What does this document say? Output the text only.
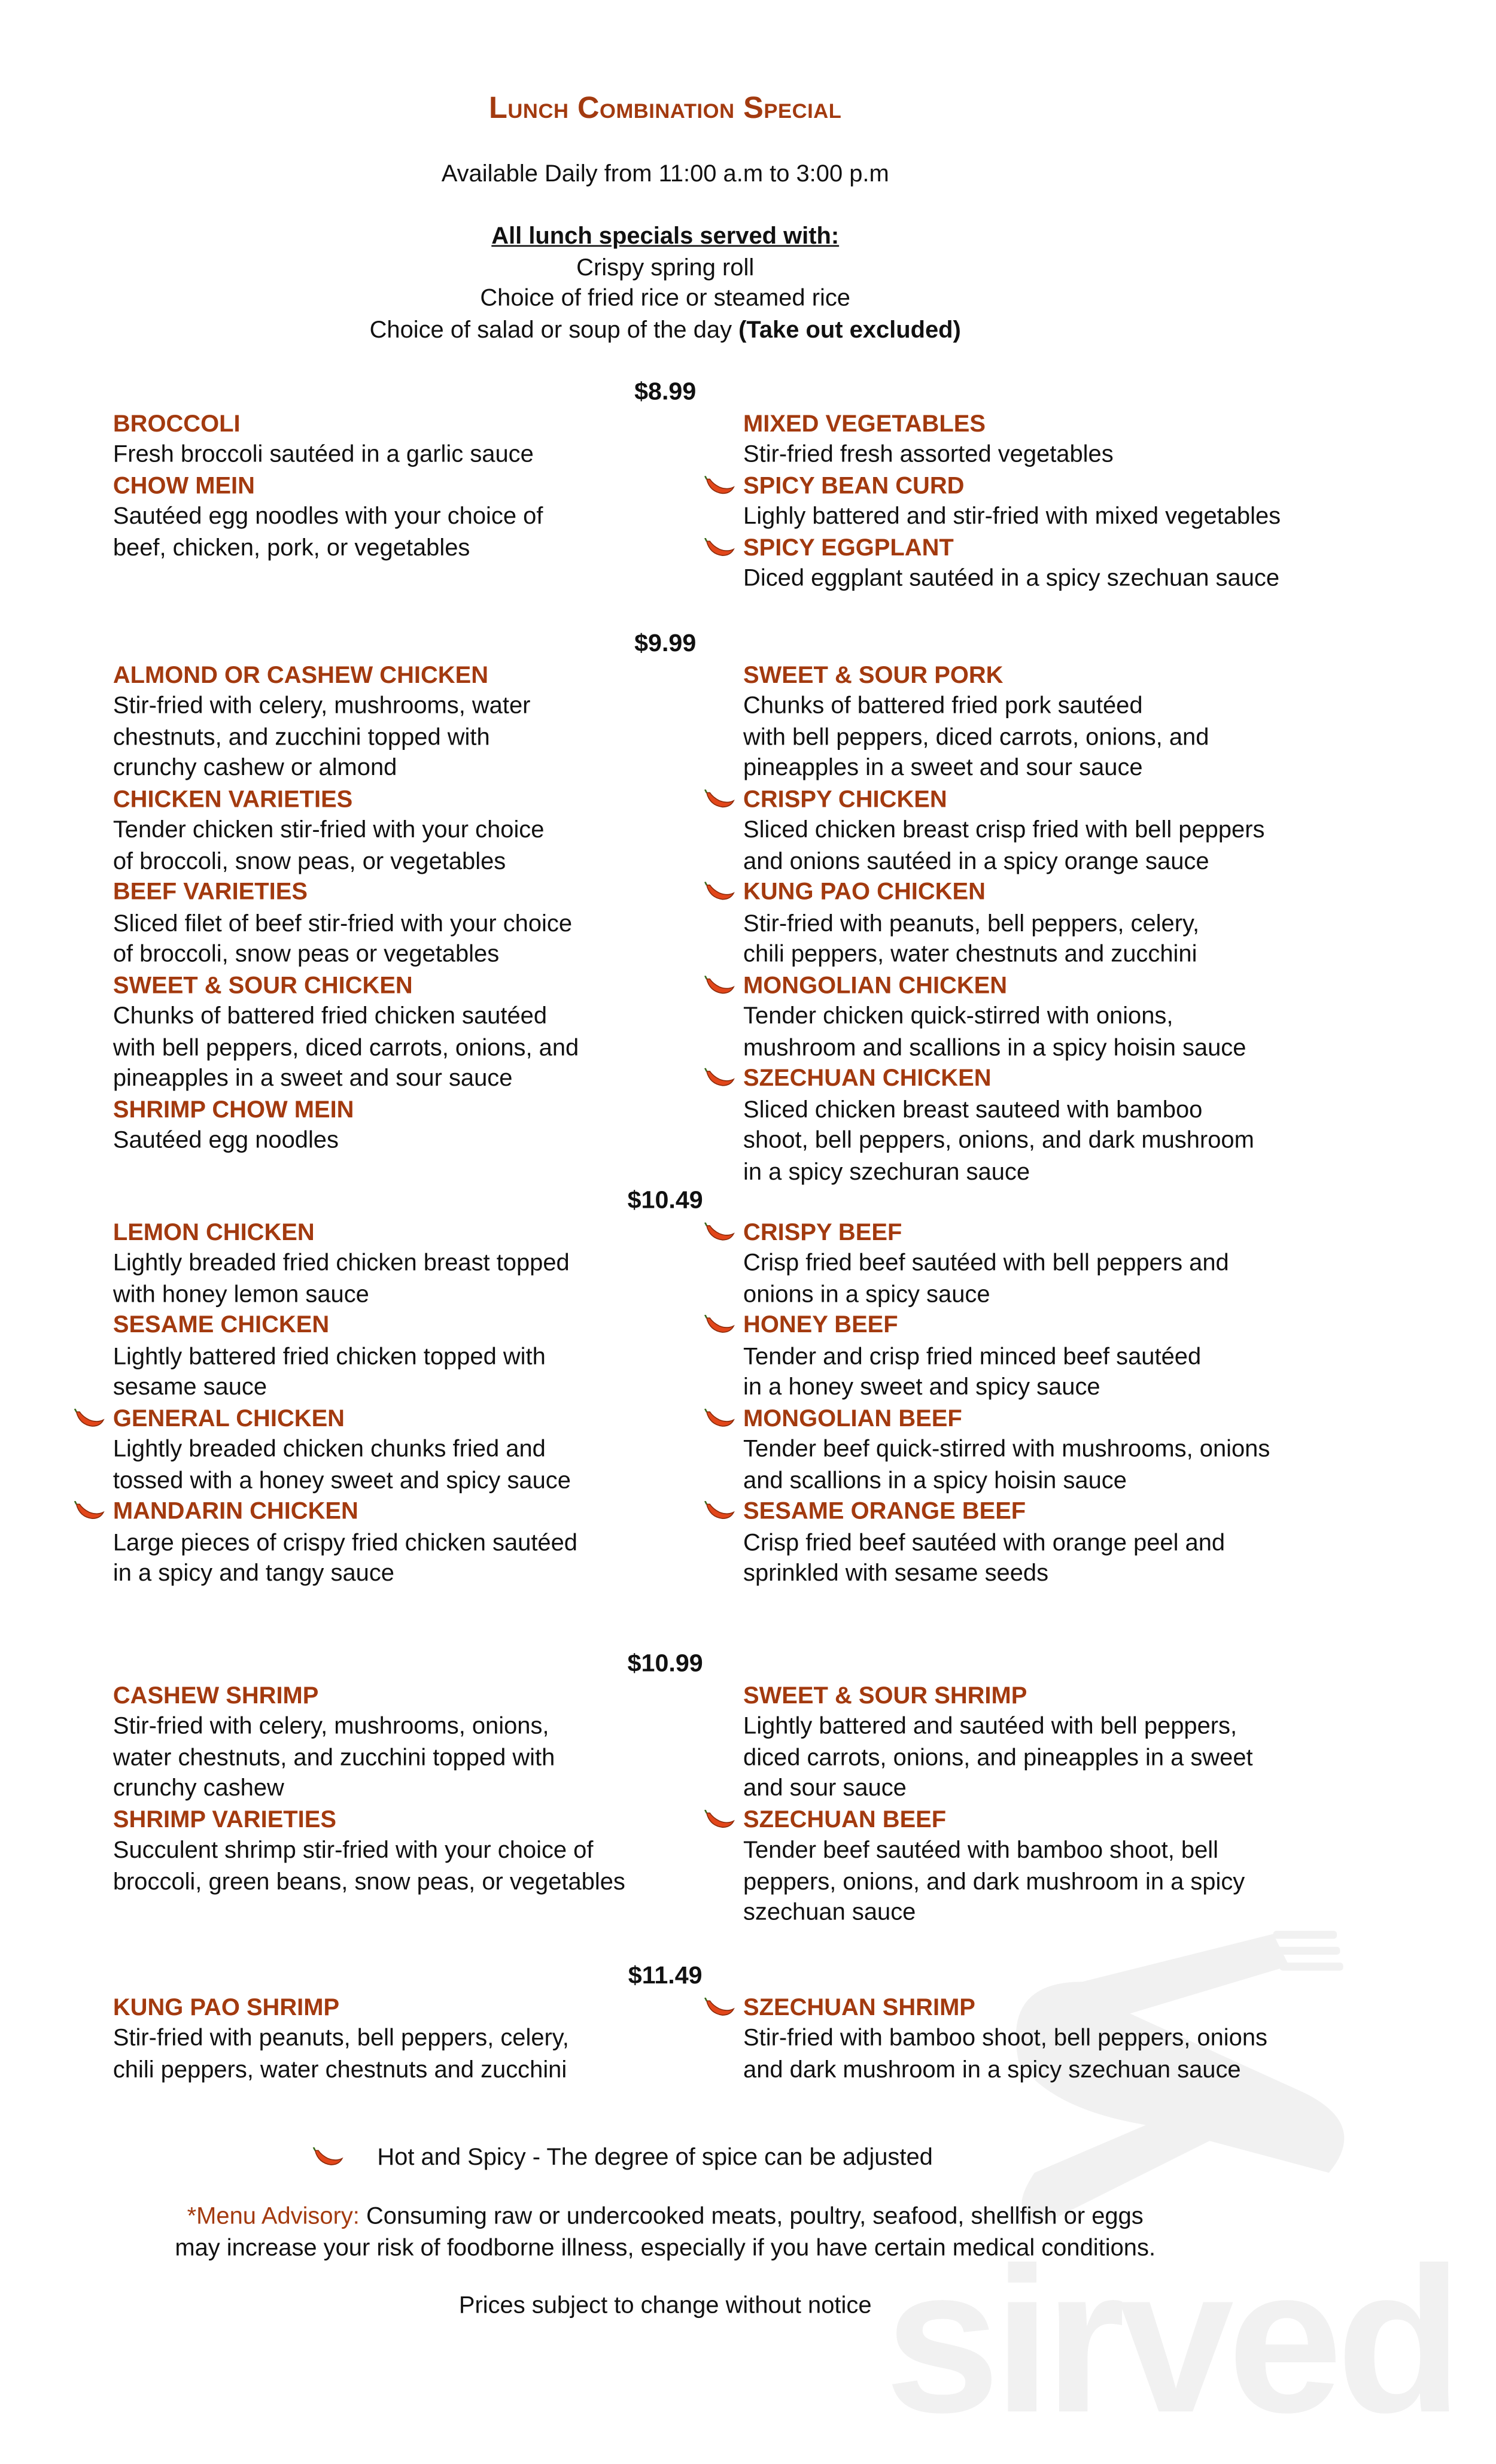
sirved
Lunch Combination Special
Available Daily from 11:00 a.m to 3:00 p.m
All lunch specials served with:
Crispy spring roll
Choice of fried rice or steamed rice
Choice of salad or soup of the day (Take out excluded)
$8.99
BROCCOLI
Fresh broccoli sautéed in a garlic sauce
CHOW MEIN
Sautéed egg noodles with your choice of
beef, chicken, pork, or vegetables
MIXED VEGETABLES
Stir-fried fresh assorted vegetables
SPICY BEAN CURD
Lighly battered and stir-fried with mixed vegetables
SPICY EGGPLANT
Diced eggplant sautéed in a spicy szechuan sauce
$9.99
ALMOND OR CASHEW CHICKEN
Stir-fried with celery, mushrooms, water
chestnuts, and zucchini topped with
crunchy cashew or almond
CHICKEN VARIETIES
Tender chicken stir-fried with your choice
of broccoli, snow peas, or vegetables
BEEF VARIETIES
Sliced filet of beef stir-fried with your choice
of broccoli, snow peas or vegetables
SWEET & SOUR CHICKEN
Chunks of battered fried chicken sautéed
with bell peppers, diced carrots, onions, and
pineapples in a sweet and sour sauce
SHRIMP CHOW MEIN
Sautéed egg noodles
SWEET & SOUR PORK
Chunks of battered fried pork sautéed
with bell peppers, diced carrots, onions, and
pineapples in a sweet and sour sauce
CRISPY CHICKEN
Sliced chicken breast crisp fried with bell peppers
and onions sautéed in a spicy orange sauce
KUNG PAO CHICKEN
Stir-fried with peanuts, bell peppers, celery,
chili peppers, water chestnuts and zucchini
MONGOLIAN CHICKEN
Tender chicken quick-stirred with onions,
mushroom and scallions in a spicy hoisin sauce
SZECHUAN CHICKEN
Sliced chicken breast sauteed with bamboo
shoot, bell peppers, onions, and dark mushroom
in a spicy szechuran sauce
$10.49
LEMON CHICKEN
Lightly breaded fried chicken breast topped
with honey lemon sauce
SESAME CHICKEN
Lightly battered fried chicken topped with
sesame sauce
GENERAL CHICKEN
Lightly breaded chicken chunks fried and
tossed with a honey sweet and spicy sauce
MANDARIN CHICKEN
Large pieces of crispy fried chicken sautéed
in a spicy and tangy sauce
CRISPY BEEF
Crisp fried beef sautéed with bell peppers and
onions in a spicy sauce
HONEY BEEF
Tender and crisp fried minced beef sautéed
in a honey sweet and spicy sauce
MONGOLIAN BEEF
Tender beef quick-stirred with mushrooms, onions
and scallions in a spicy hoisin sauce
SESAME ORANGE BEEF
Crisp fried beef sautéed with orange peel and
sprinkled with sesame seeds
$10.99
CASHEW SHRIMP
Stir-fried with celery, mushrooms, onions,
water chestnuts, and zucchini topped with
crunchy cashew
SHRIMP VARIETIES
Succulent shrimp stir-fried with your choice of
broccoli, green beans, snow peas, or vegetables
SWEET & SOUR SHRIMP
Lightly battered and sautéed with bell peppers,
diced carrots, onions, and pineapples in a sweet
and sour sauce
SZECHUAN BEEF
Tender beef sautéed with bamboo shoot, bell
peppers, onions, and dark mushroom in a spicy
szechuan sauce
$11.49
KUNG PAO SHRIMP
Stir-fried with peanuts, bell peppers, celery,
chili peppers, water chestnuts and zucchini
SZECHUAN SHRIMP
Stir-fried with bamboo shoot, bell peppers, onions
and dark mushroom in a spicy szechuan sauce
Hot and Spicy - The degree of spice can be adjusted
*Menu Advisory: Consuming raw or undercooked meats, poultry, seafood, shellfish or eggs
may increase your risk of foodborne illness, especially if you have certain medical conditions.
Prices subject to change without notice
